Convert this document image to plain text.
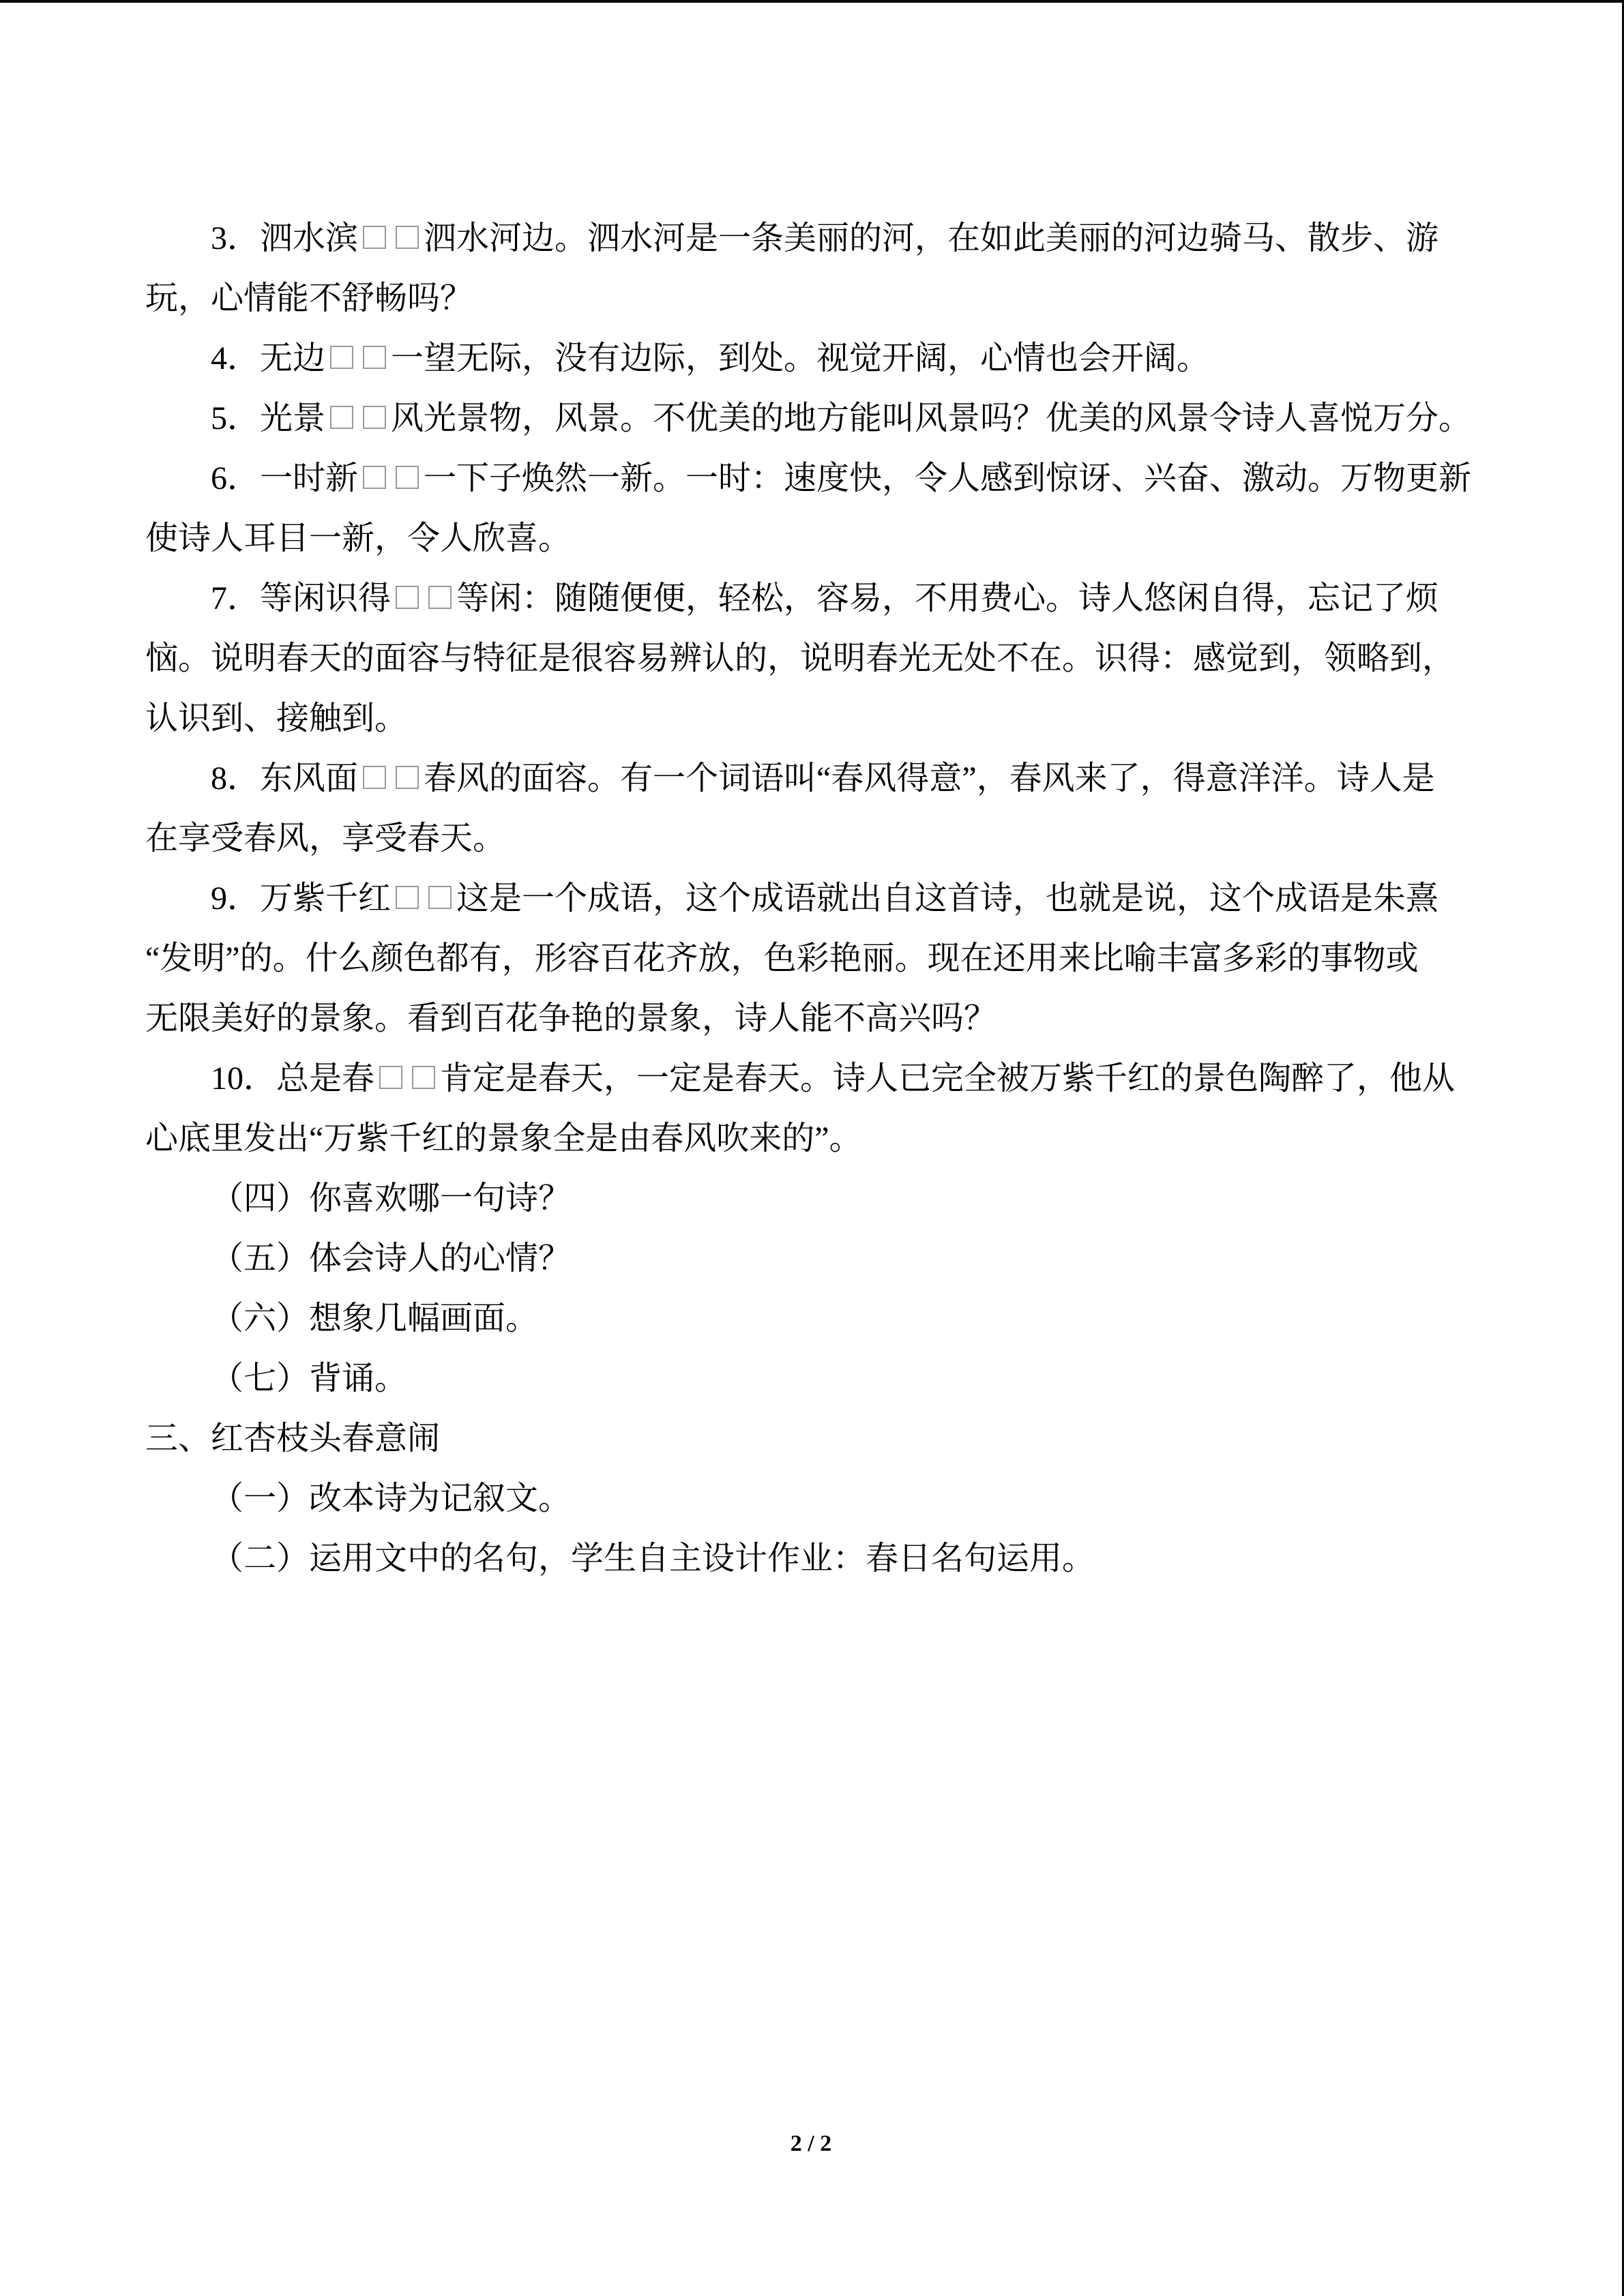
3．泗水滨 泗水河边。泗水河是一条美丽的河，在如此美丽的河边骑马、散步、游
玩，心情能不舒畅吗？
4．无边 一望无际，没有边际，到处。视觉开阔，心情也会开阔。
5．光景 风光景物，风景。不优美的地方能叫风景吗？优美的风景令诗人喜悦万分。
6．一时新 一下子焕然一新。一时：速度快，令人感到惊讶、兴奋、激动。万物更新
使诗人耳目一新，令人欣喜。
7．等闲识得 等闲：随随便便，轻松，容易，不用费心。诗人悠闲自得，忘记了烦
恼。说明春天的面容与特征是很容易辨认的，说明春光无处不在。识得：感觉到，领略到，
认识到、接触到。
8．东风面 春风的面容。有一个词语叫“春风得意”，春风来了，得意洋洋。诗人是
在享受春风，享受春天。
9．万紫千红 这是一个成语，这个成语就出自这首诗，也就是说，这个成语是朱熹
“发明”的。什么颜色都有，形容百花齐放，色彩艳丽。现在还用来比喻丰富多彩的事物或
无限美好的景象。看到百花争艳的景象，诗人能不高兴吗？
10．总是春 肯定是春天，一定是春天。诗人已完全被万紫千红的景色陶醉了，他从
心底里发出“万紫千红的景象全是由春风吹来的”。
（四）你喜欢哪一句诗？
（五）体会诗人的心情？
（六）想象几幅画面。
（七）背诵。
三、红杏枝头春意闹
（一）改本诗为记叙文。
（二）运用文中的名句，学生自主设计作业：春日名句运用。
2 / 2
